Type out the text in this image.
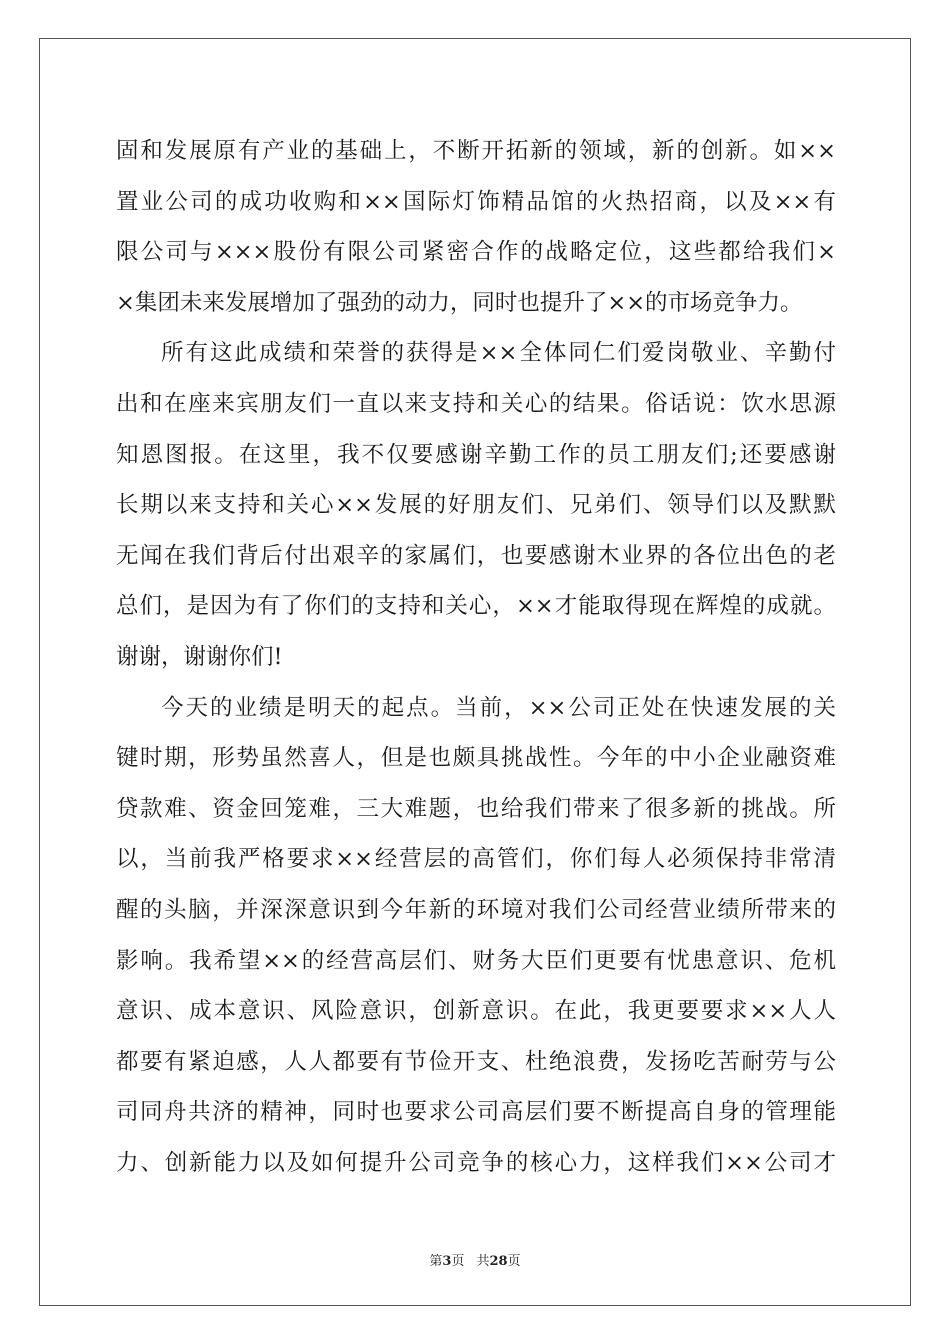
固和发展原有产业的基础上，不断开拓新的领域，新的创新。如××
置业公司的成功收购和××国际灯饰精品馆的火热招商，以及××有
限公司与×××股份有限公司紧密合作的战略定位，这些都给我们×
×集团未来发展增加了强劲的动力，同时也提升了××的市场竞争力。
所有这此成绩和荣誉的获得是××全体同仁们爱岗敬业、辛勤付
出和在座来宾朋友们一直以来支持和关心的结果。俗话说：饮水思源
知恩图报。在这里，我不仅要感谢辛勤工作的员工朋友们;还要感谢
长期以来支持和关心××发展的好朋友们、兄弟们、领导们以及默默
无闻在我们背后付出艰辛的家属们，也要感谢木业界的各位出色的老
总们，是因为有了你们的支持和关心，××才能取得现在辉煌的成就。
谢谢，谢谢你们!
今天的业绩是明天的起点。当前，××公司正处在快速发展的关
键时期，形势虽然喜人，但是也颇具挑战性。今年的中小企业融资难
贷款难、资金回笼难，三大难题，也给我们带来了很多新的挑战。所
以，当前我严格要求××经营层的高管们，你们每人必须保持非常清
醒的头脑，并深深意识到今年新的环境对我们公司经营业绩所带来的
影响。我希望××的经营高层们、财务大臣们更要有忧患意识、危机
意识、成本意识、风险意识，创新意识。在此，我更要要求××人人
都要有紧迫感，人人都要有节俭开支、杜绝浪费，发扬吃苦耐劳与公
司同舟共济的精神，同时也要求公司高层们要不断提高自身的管理能
力、创新能力以及如何提升公司竞争的核心力，这样我们××公司才
第3页 共28页
